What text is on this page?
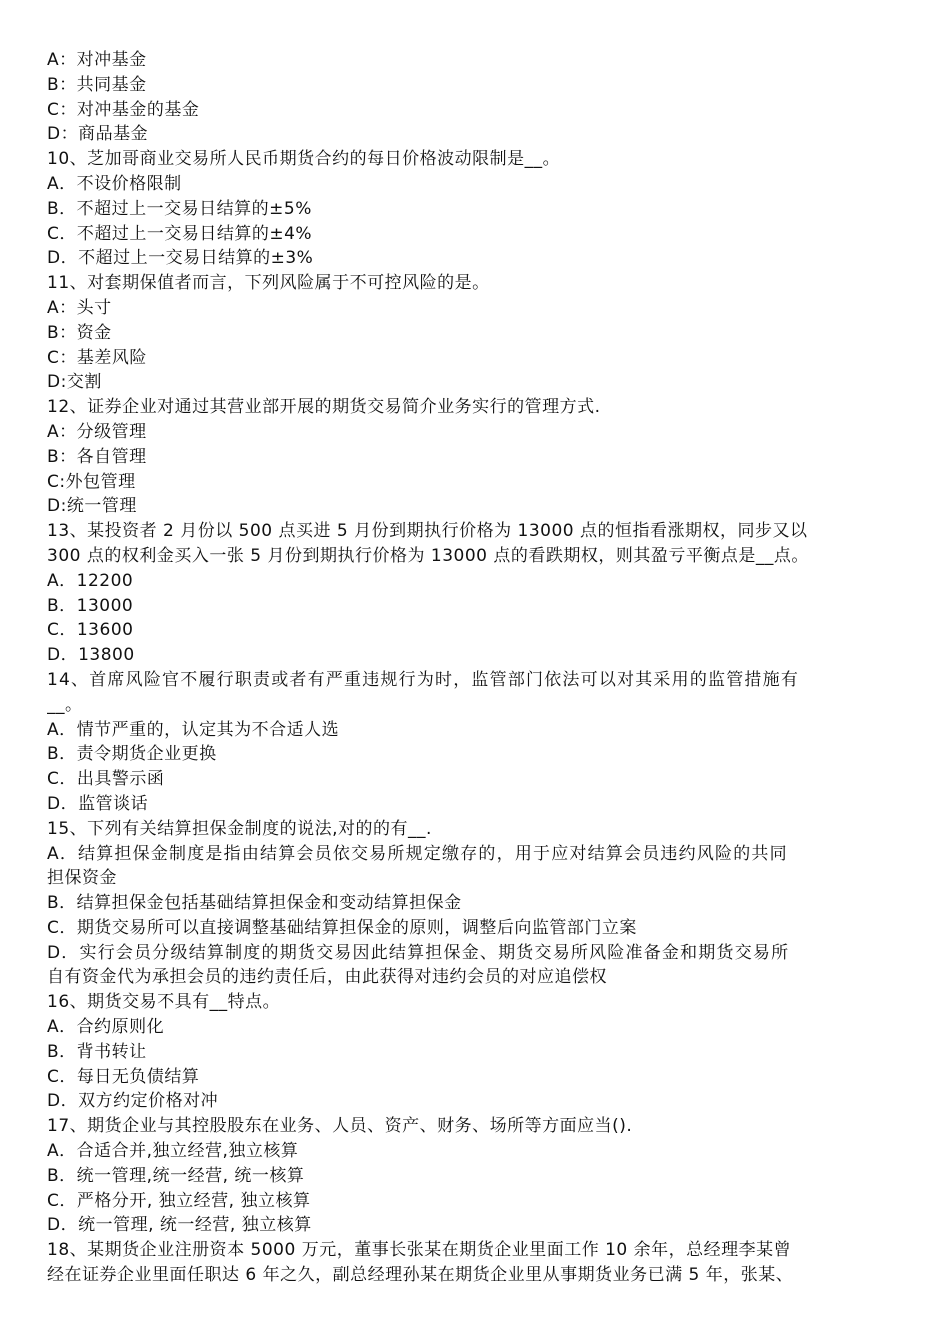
A：对冲基金
B：共同基金
C：对冲基金的基金
D：商品基金
10、芝加哥商业交易所人民币期货合约的每日价格波动限制是__。
A．不设价格限制
B．不超过上一交易日结算的±5%
C．不超过上一交易日结算的±4%
D．不超过上一交易日结算的±3%
11、对套期保值者而言，下列风险属于不可控风险的是。
A：头寸
B：资金
C：基差风险
D:交割
12、证券企业对通过其营业部开展的期货交易简介业务实行的管理方式.
A：分级管理
B：各自管理
C:外包管理
D:统一管理
13、某投资者 2 月份以 500 点买进 5 月份到期执行价格为 13000 点的恒指看涨期权，同步又以
300 点的权利金买入一张 5 月份到期执行价格为 13000 点的看跌期权，则其盈亏平衡点是__点。
A．12200
B．13000
C．13600
D．13800
14、首席风险官不履行职责或者有严重违规行为时，监管部门依法可以对其采用的监管措施有
__。
A．情节严重的，认定其为不合适人选
B．责令期货企业更换
C．出具警示函
D．监管谈话
15、下列有关结算担保金制度的说法,对的的有__.
A．结算担保金制度是指由结算会员依交易所规定缴存的，用于应对结算会员违约风险的共同
担保资金
B．结算担保金包括基础结算担保金和变动结算担保金
C．期货交易所可以直接调整基础结算担保金的原则，调整后向监管部门立案
D．实行会员分级结算制度的期货交易因此结算担保金、期货交易所风险准备金和期货交易所
自有资金代为承担会员的违约责任后，由此获得对违约会员的对应追偿权
16、期货交易不具有__特点。
A．合约原则化
B．背书转让
C．每日无负债结算
D．双方约定价格对冲
17、期货企业与其控股股东在业务、人员、资产、财务、场所等方面应当().
A．合适合并,独立经营,独立核算
B．统一管理,统一经营, 统一核算
C．严格分开, 独立经营, 独立核算
D．统一管理, 统一经营, 独立核算
18、某期货企业注册资本 5000 万元，董事长张某在期货企业里面工作 10 余年，总经理李某曾
经在证券企业里面任职达 6 年之久，副总经理孙某在期货企业里从事期货业务已满 5 年，张某、
